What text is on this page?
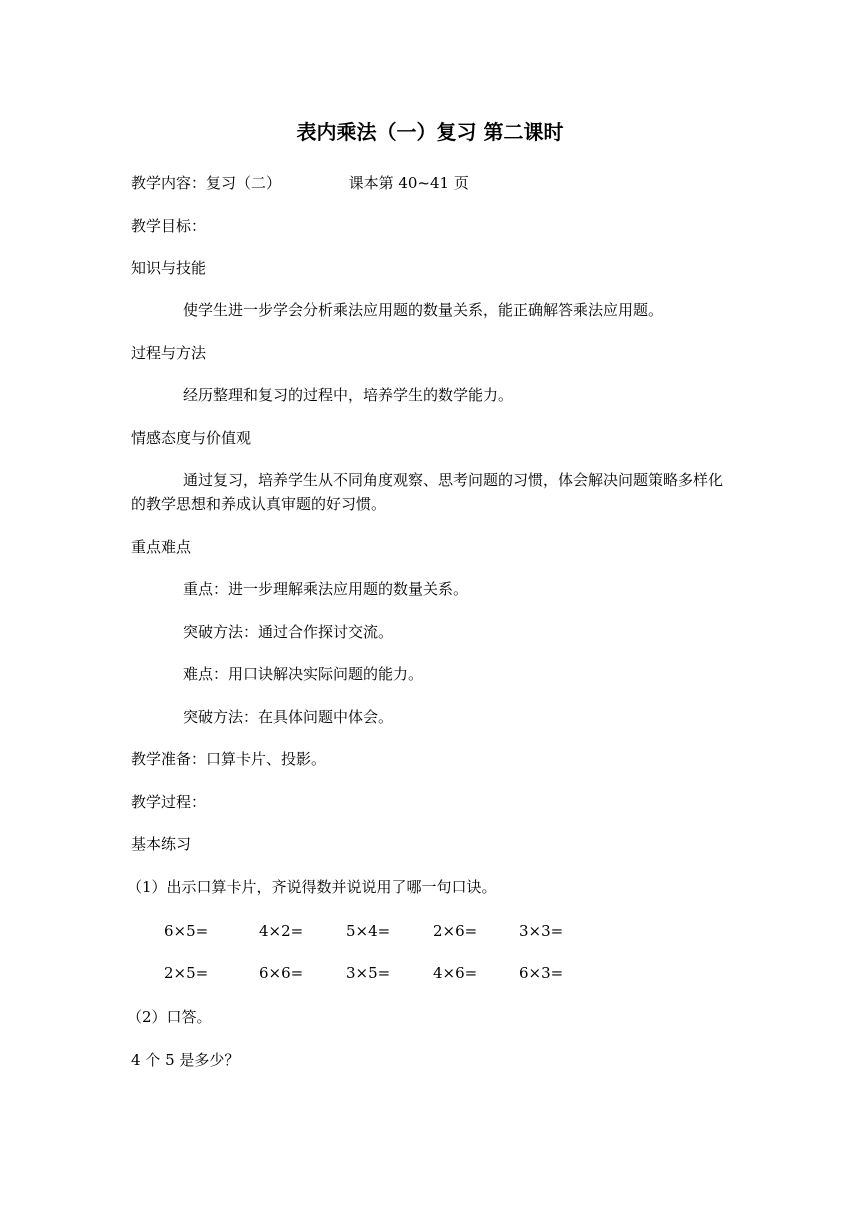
表内乘法（一）复习 第二课时
教学内容：复习（二）	课本第 40~41 页
教学目标：
知识与技能
使学生进一步学会分析乘法应用题的数量关系，能正确解答乘法应用题。
过程与方法
经历整理和复习的过程中，培养学生的数学能力。
情感态度与价值观
通过复习，培养学生从不同角度观察、思考问题的习惯，体会解决问题策略多样化的教学思想和养成认真审题的好习惯。
重点难点
重点：进一步理解乘法应用题的数量关系。
突破方法：通过合作探讨交流。
难点：用口诀解决实际问题的能力。
突破方法：在具体问题中体会。
教学准备：口算卡片、投影。
教学过程：
基本练习
（1）出示口算卡片，齐说得数并说说用了哪一句口诀。
6×5=	4×2=	5×4=	2×6=	3×3=
2×5=	6×6=	3×5=	4×6=	6×3=
（2）口答。
4 个 5 是多少？
